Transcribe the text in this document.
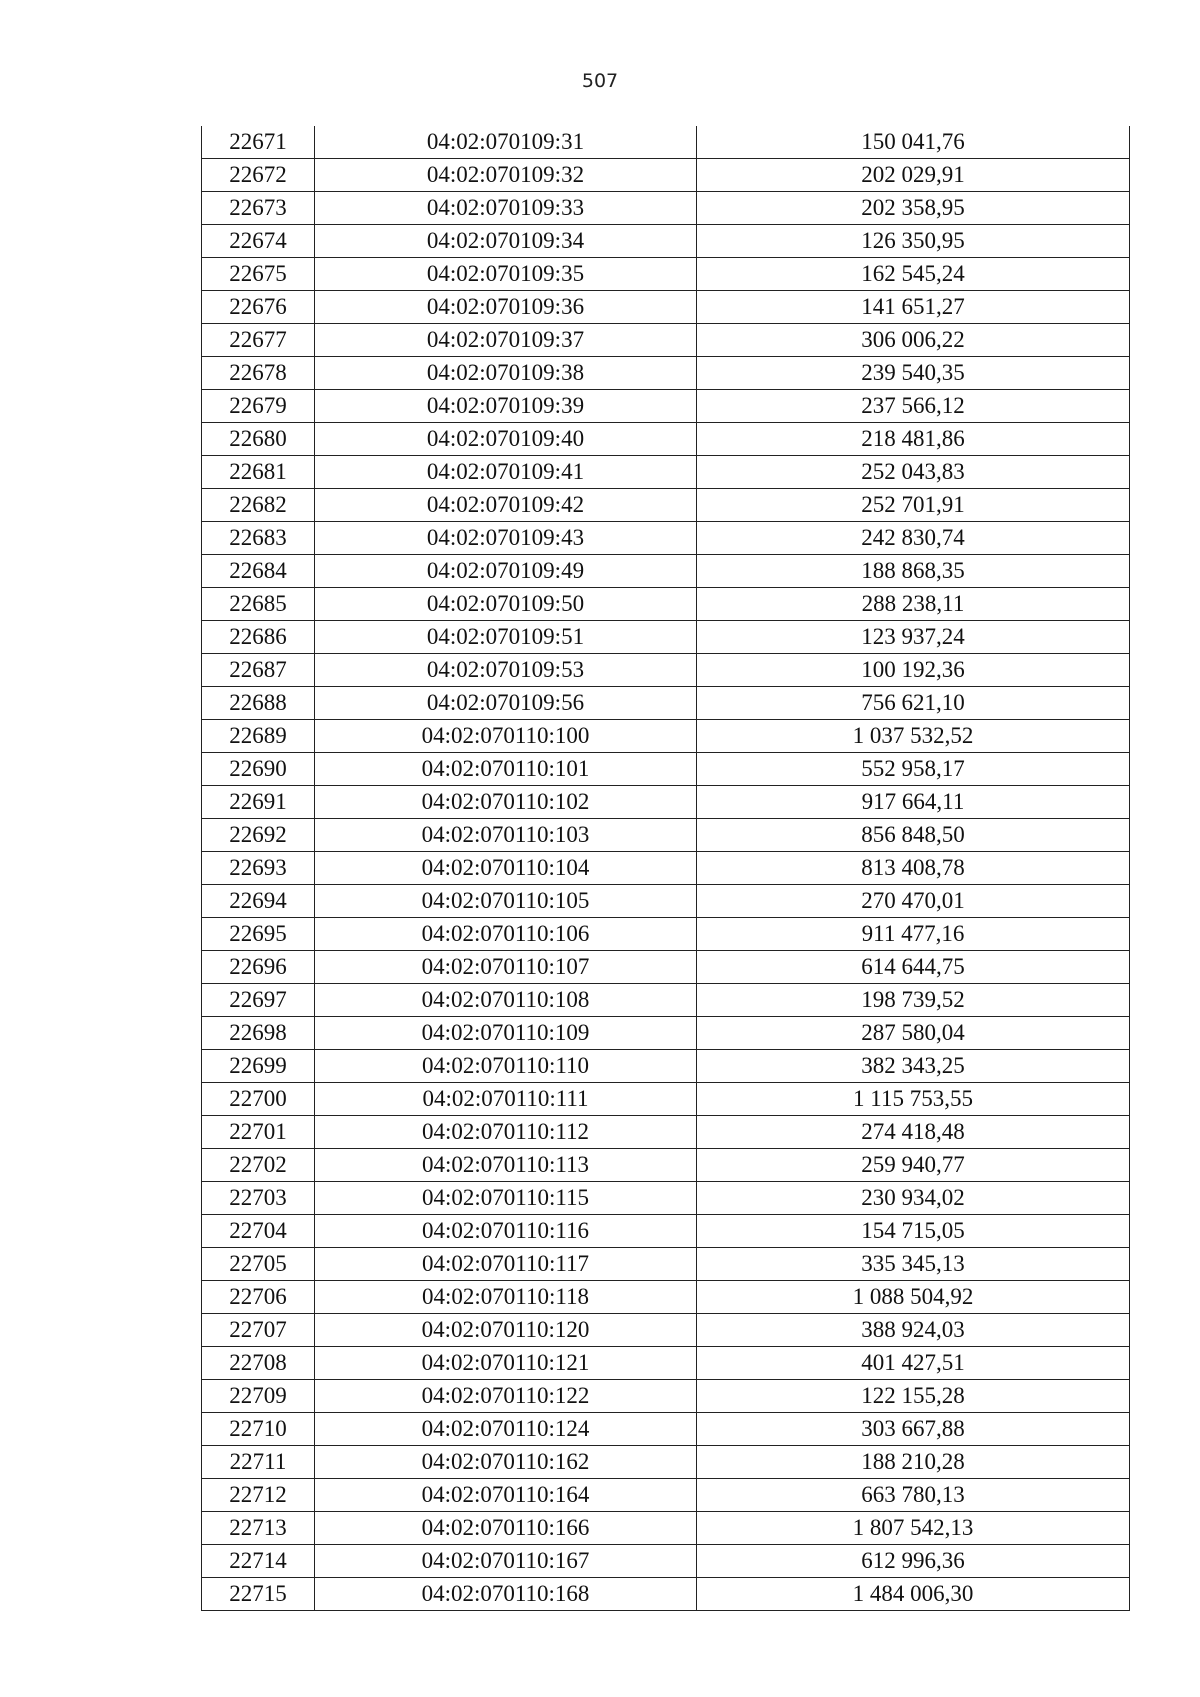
507
22671	04:02:070109:31	150 041,76
22672	04:02:070109:32	202 029,91
22673	04:02:070109:33	202 358,95
22674	04:02:070109:34	126 350,95
22675	04:02:070109:35	162 545,24
22676	04:02:070109:36	141 651,27
22677	04:02:070109:37	306 006,22
22678	04:02:070109:38	239 540,35
22679	04:02:070109:39	237 566,12
22680	04:02:070109:40	218 481,86
22681	04:02:070109:41	252 043,83
22682	04:02:070109:42	252 701,91
22683	04:02:070109:43	242 830,74
22684	04:02:070109:49	188 868,35
22685	04:02:070109:50	288 238,11
22686	04:02:070109:51	123 937,24
22687	04:02:070109:53	100 192,36
22688	04:02:070109:56	756 621,10
22689	04:02:070110:100	1 037 532,52
22690	04:02:070110:101	552 958,17
22691	04:02:070110:102	917 664,11
22692	04:02:070110:103	856 848,50
22693	04:02:070110:104	813 408,78
22694	04:02:070110:105	270 470,01
22695	04:02:070110:106	911 477,16
22696	04:02:070110:107	614 644,75
22697	04:02:070110:108	198 739,52
22698	04:02:070110:109	287 580,04
22699	04:02:070110:110	382 343,25
22700	04:02:070110:111	1 115 753,55
22701	04:02:070110:112	274 418,48
22702	04:02:070110:113	259 940,77
22703	04:02:070110:115	230 934,02
22704	04:02:070110:116	154 715,05
22705	04:02:070110:117	335 345,13
22706	04:02:070110:118	1 088 504,92
22707	04:02:070110:120	388 924,03
22708	04:02:070110:121	401 427,51
22709	04:02:070110:122	122 155,28
22710	04:02:070110:124	303 667,88
22711	04:02:070110:162	188 210,28
22712	04:02:070110:164	663 780,13
22713	04:02:070110:166	1 807 542,13
22714	04:02:070110:167	612 996,36
22715	04:02:070110:168	1 484 006,30
